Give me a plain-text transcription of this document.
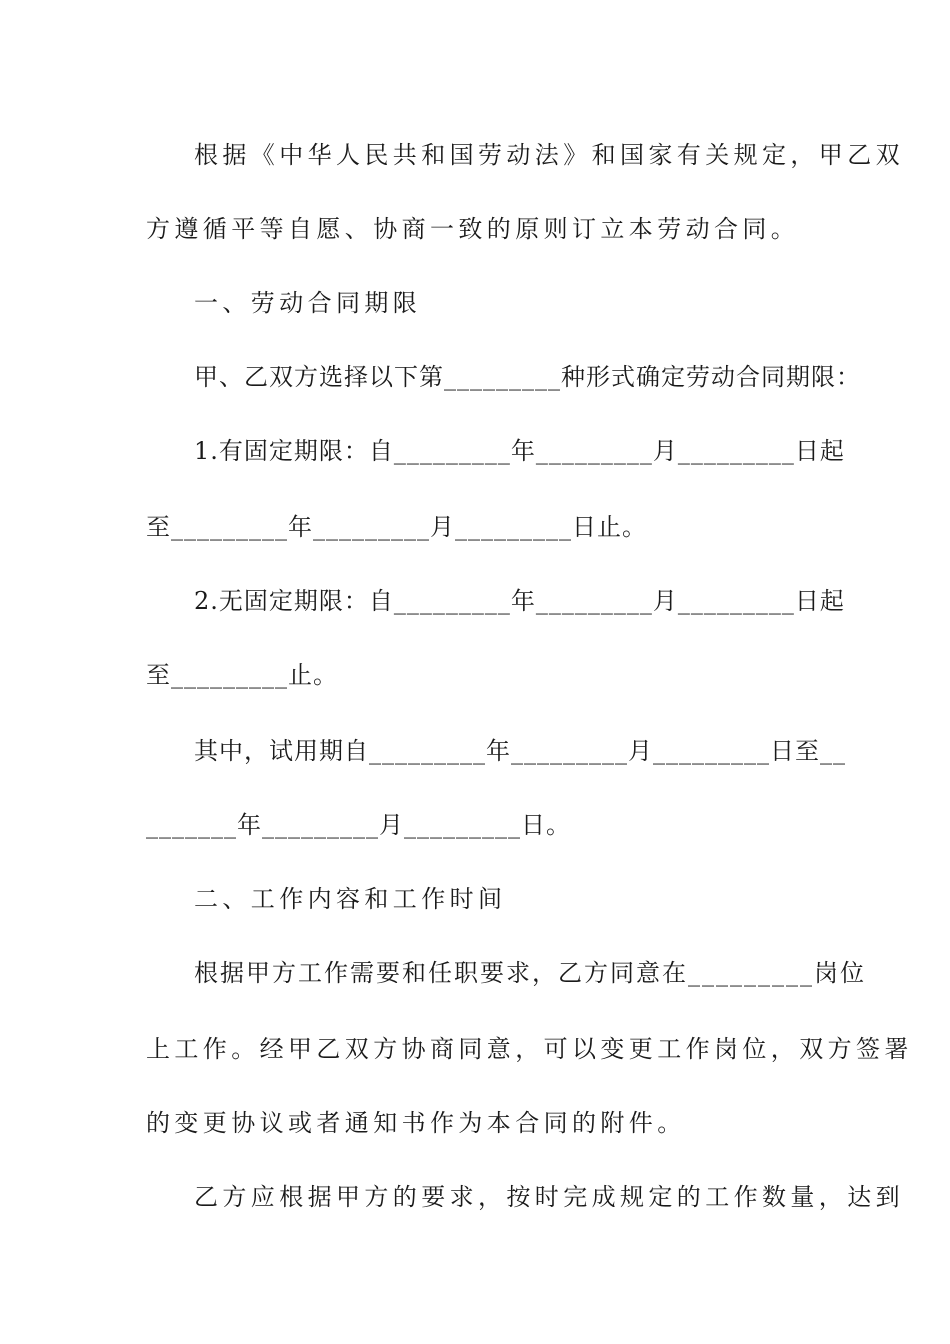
根据《中华人民共和国劳动法》和国家有关规定，甲乙双
方遵循平等自愿、协商一致的原则订立本劳动合同。
一、劳动合同期限
甲、乙双方选择以下第_________种形式确定劳动合同期限：
1.有固定期限：自_________年_________月_________日起
至_________年_________月_________日止。
2.无固定期限：自_________年_________月_________日起
至_________止。
其中，试用期自_________年_________月_________日至__
_______年_________月_________日。
二、工作内容和工作时间
根据甲方工作需要和任职要求，乙方同意在_________岗位
上工作。经甲乙双方协商同意，可以变更工作岗位，双方签署
的变更协议或者通知书作为本合同的附件。
乙方应根据甲方的要求，按时完成规定的工作数量，达到
